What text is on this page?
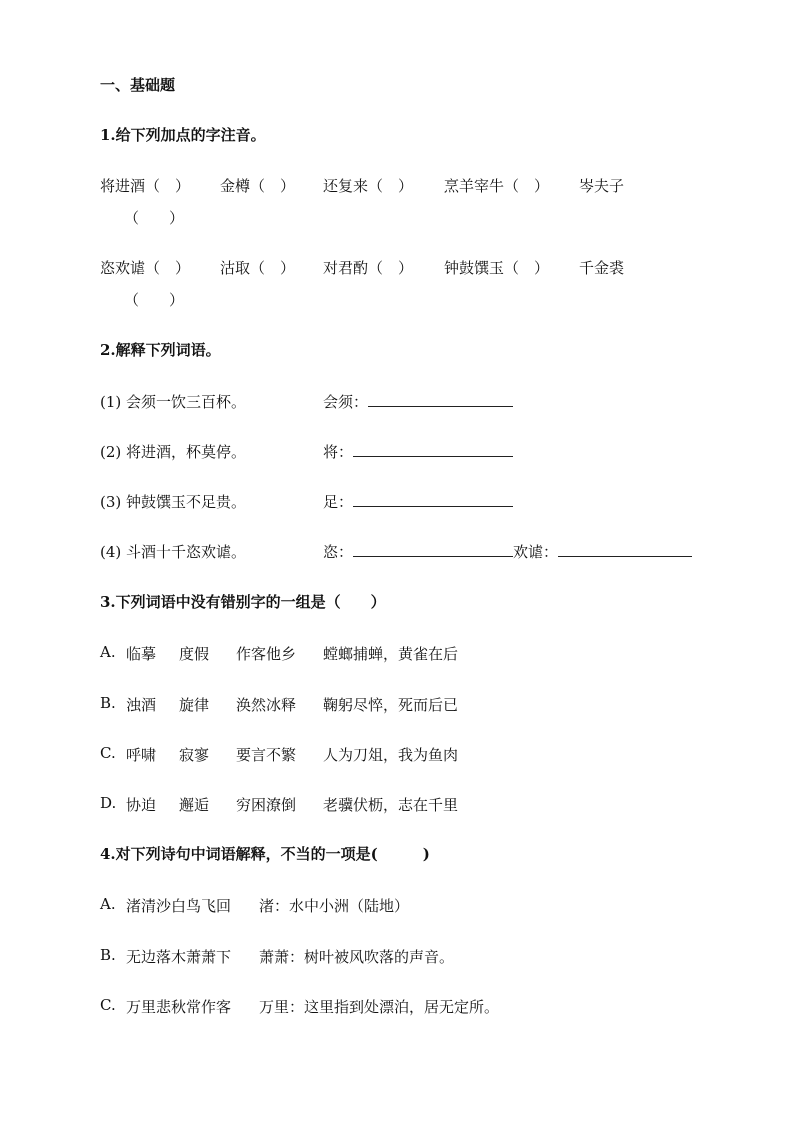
一、基础题
1.给下列加点的字注音。
将进酒（　） 金樽（　） 还复来（　） 烹羊宰牛（　） 岑夫子
（　　）
恣欢谑（　） 沽取（　） 对君酌（　） 钟鼓馔玉（　） 千金裘
（　　）
2.解释下列词语。
(1) 会须一饮三百杯。	会须：
(2) 将进酒，杯莫停。	将：
(3) 钟鼓馔玉不足贵。	足：
(4) 斗酒十千恣欢谑。	恣：	欢谑：
3.下列词语中没有错别字的一组是（　　）
A. 临摹 度假 作客他乡 螳螂捕蝉，黄雀在后
B. 浊酒 旋律 涣然冰释 鞠躬尽悴，死而后已
C. 呼啸 寂寥 要言不繁 人为刀俎，我为鱼肉
D. 协迫 邂逅 穷困潦倒 老骥伏枥，志在千里
4.对下列诗句中词语解释，不当的一项是(　　　)
A. 渚清沙白鸟飞回 渚：水中小洲（陆地）
B. 无边落木萧萧下 萧萧：树叶被风吹落的声音。
C. 万里悲秋常作客 万里：这里指到处漂泊，居无定所。
